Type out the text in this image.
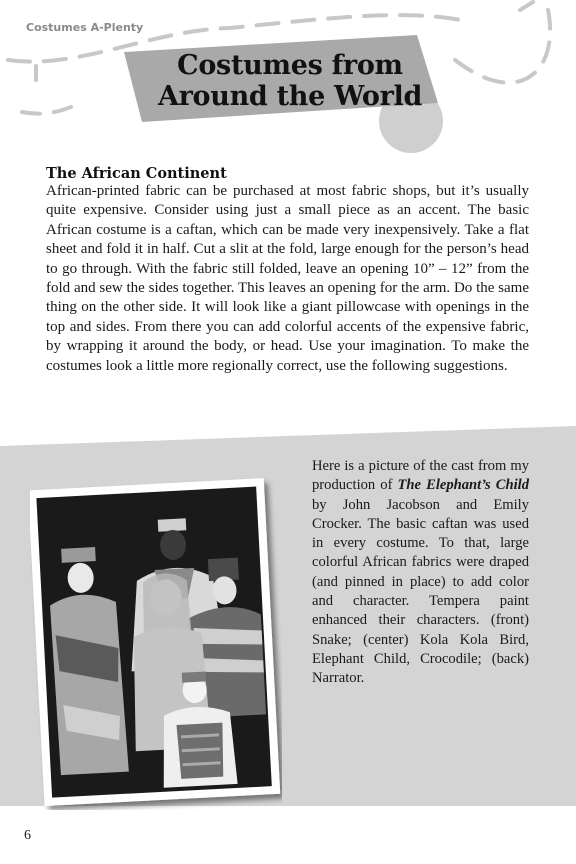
Costumes A-Plenty
Costumes from
Around the World
The African Continent
African-printed fabric can be purchased at most fabric shops, but it’s usually quite expensive. Consider using just a small piece as an accent. The basic African costume is a caftan, which can be made very inexpensively. Take a flat sheet and fold it in half. Cut a slit at the fold, large enough for the person’s head to go through. With the fabric still folded, leave an opening 10” – 12” from the fold and sew the sides together. This leaves an opening for the arm. Do the same thing on the other side. It will look like a giant pillowcase with openings in the top and sides. From there you can add colorful accents of the expensive fabric, by wrapping it around the body, or head. Use your imagination. To make the costumes look a little more regionally correct, use the following suggestions.
Here is a picture of the cast from my production of The Elephant’s Child by John Jacobson and Emily Crocker. The basic caftan was used in every costume. To that, large colorful African fabrics were draped (and pinned in place) to add color and character. Tempera paint enhanced their characters. (front) Snake; (center) Kola Kola Bird, Elephant Child, Crocodile; (back) Narrator.
6
